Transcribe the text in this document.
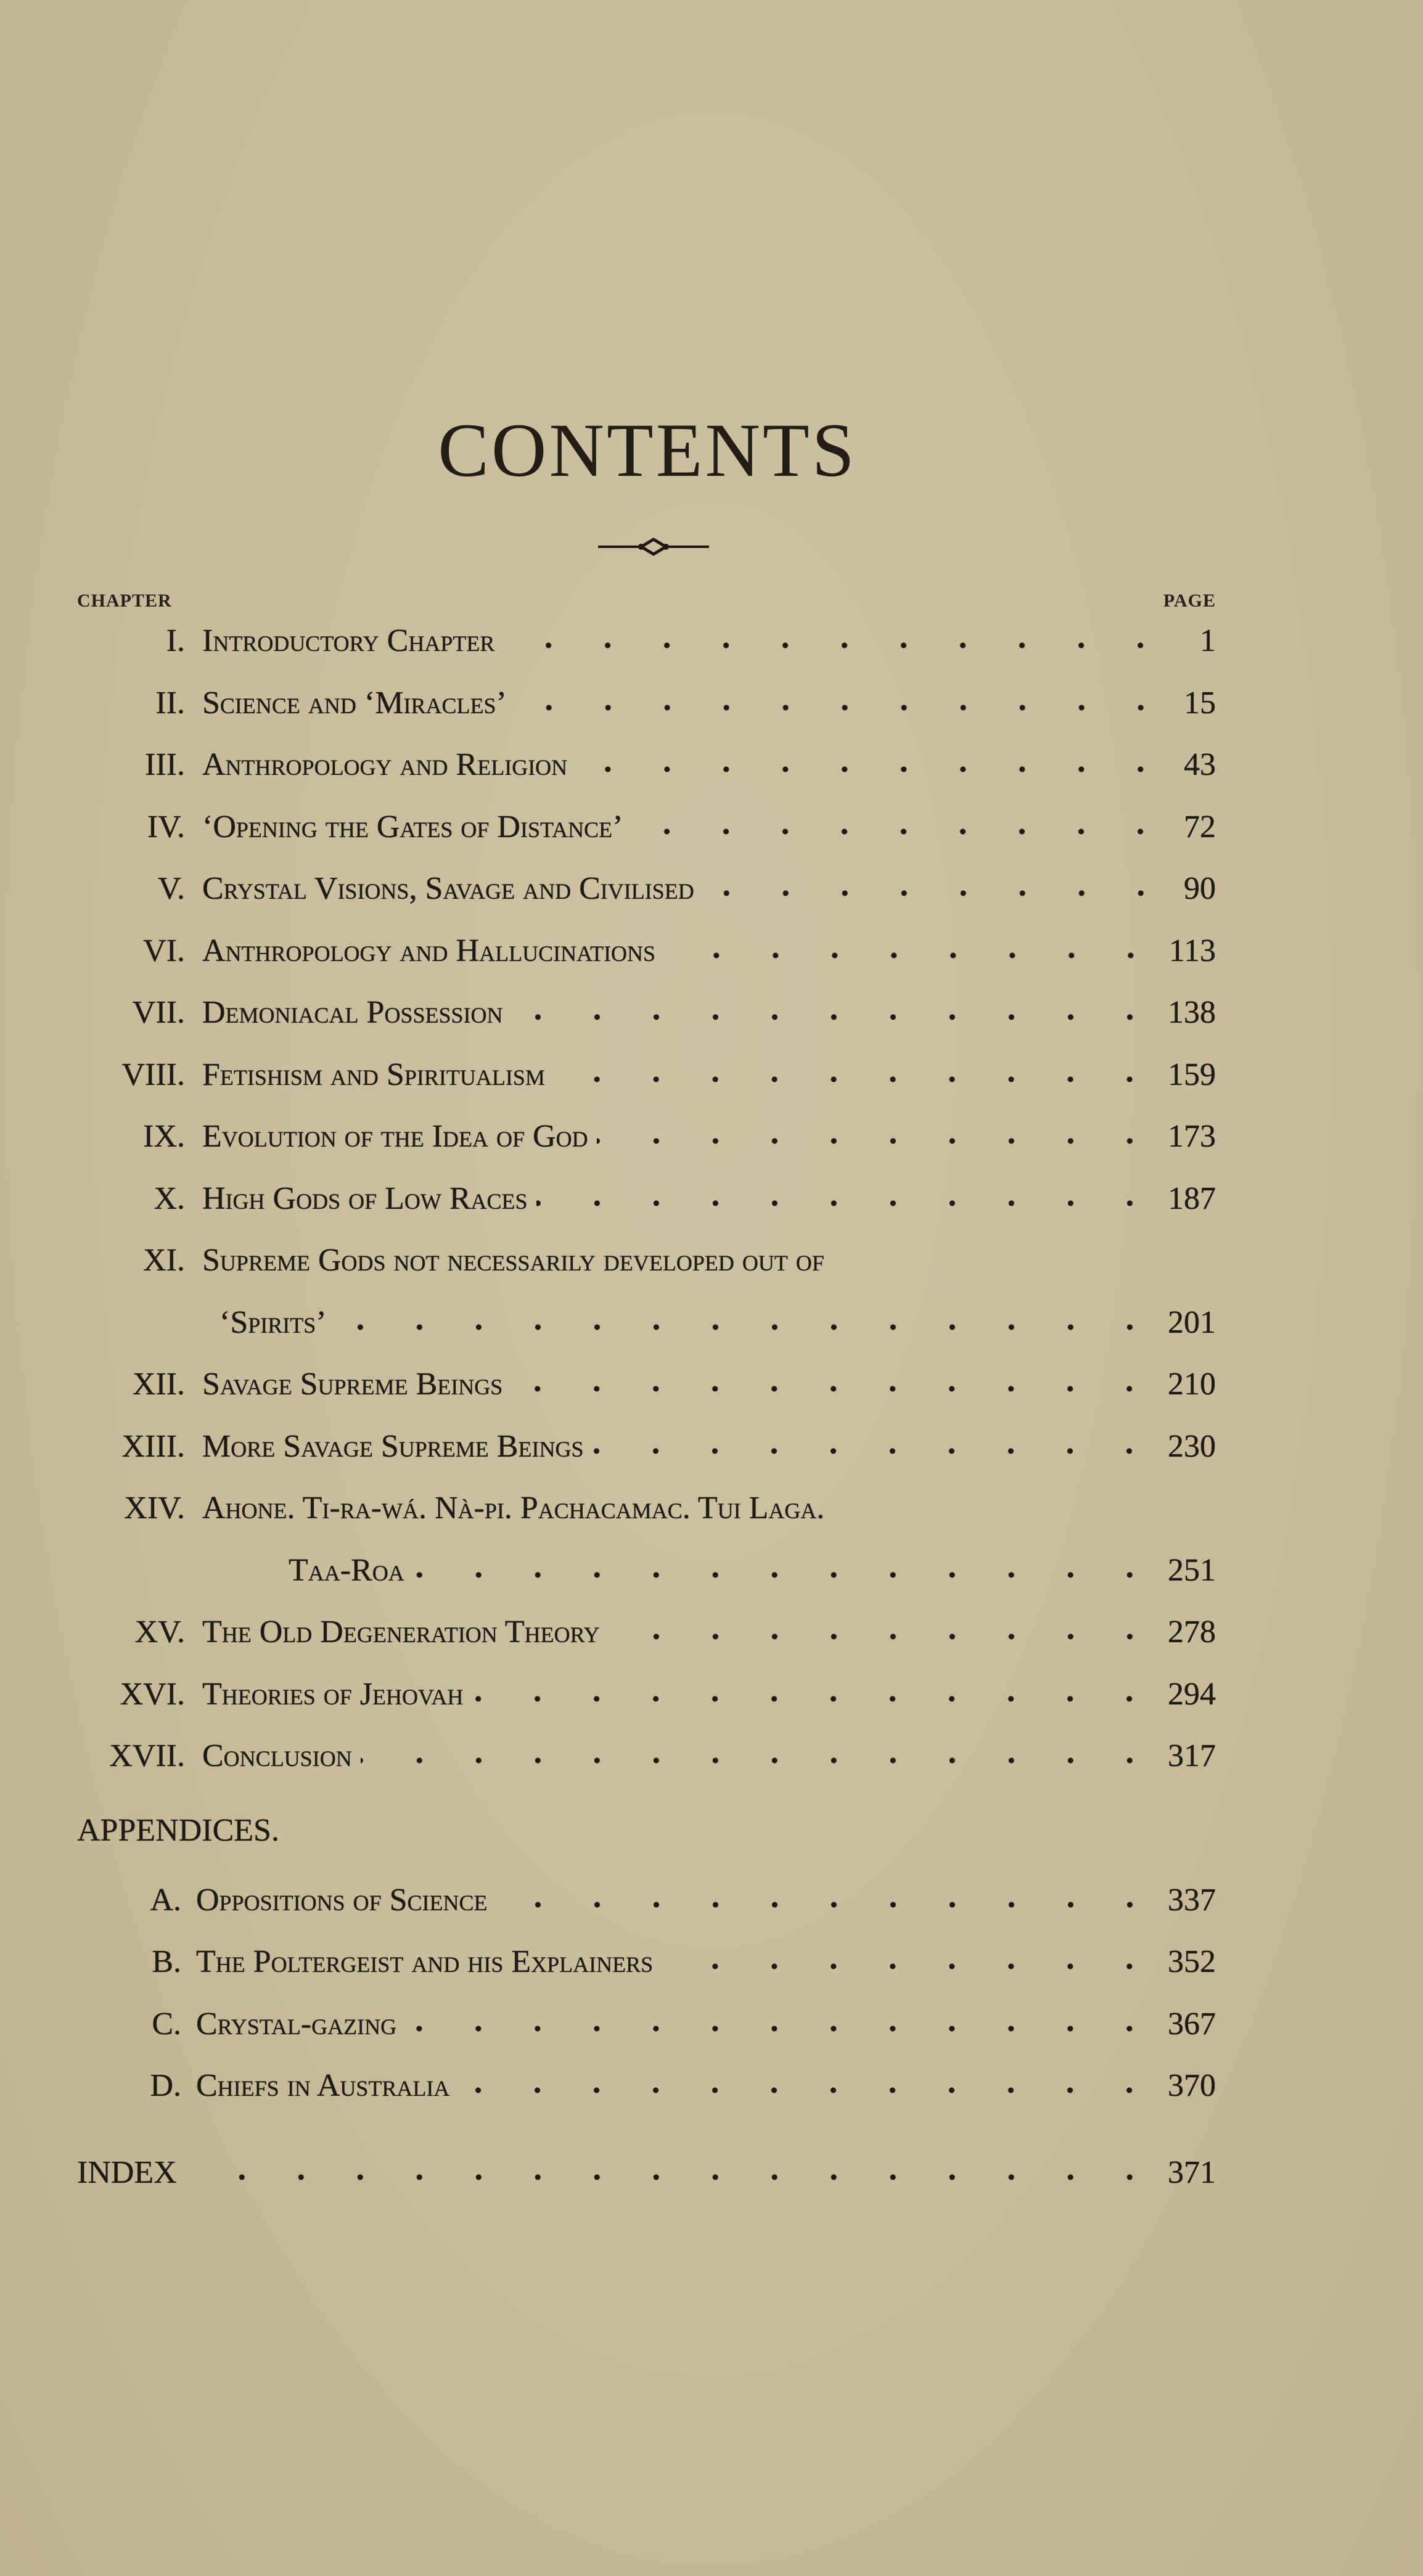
CONTENTS
CHAPTER	PAGE
I. Introductory Chapter	1
II. Science and ‘Miracles’	15
III. Anthropology and Religion	43
IV. ‘Opening the Gates of Distance’	72
V. Crystal Visions, Savage and Civilised	90
VI. Anthropology and Hallucinations	113
VII. Demoniacal Possession	138
VIII. Fetishism and Spiritualism	159
IX. Evolution of the Idea of God	173
X. High Gods of Low Races	187
XI. Supreme Gods not necessarily developed out of
‘Spirits’	201
XII. Savage Supreme Beings	210
XIII. More Savage Supreme Beings	230
XIV. Ahone. Ti-ra-wá. Nà-pi. Pachacamac. Tui Laga.
Taa-Roa	251
XV. The Old Degeneration Theory	278
XVI. Theories of Jehovah	294
XVII. Conclusion	317
APPENDICES.
A. Oppositions of Science	337
B. The Poltergeist and his Explainers	352
C. Crystal-gazing	367
D. Chiefs in Australia	370
INDEX	371
